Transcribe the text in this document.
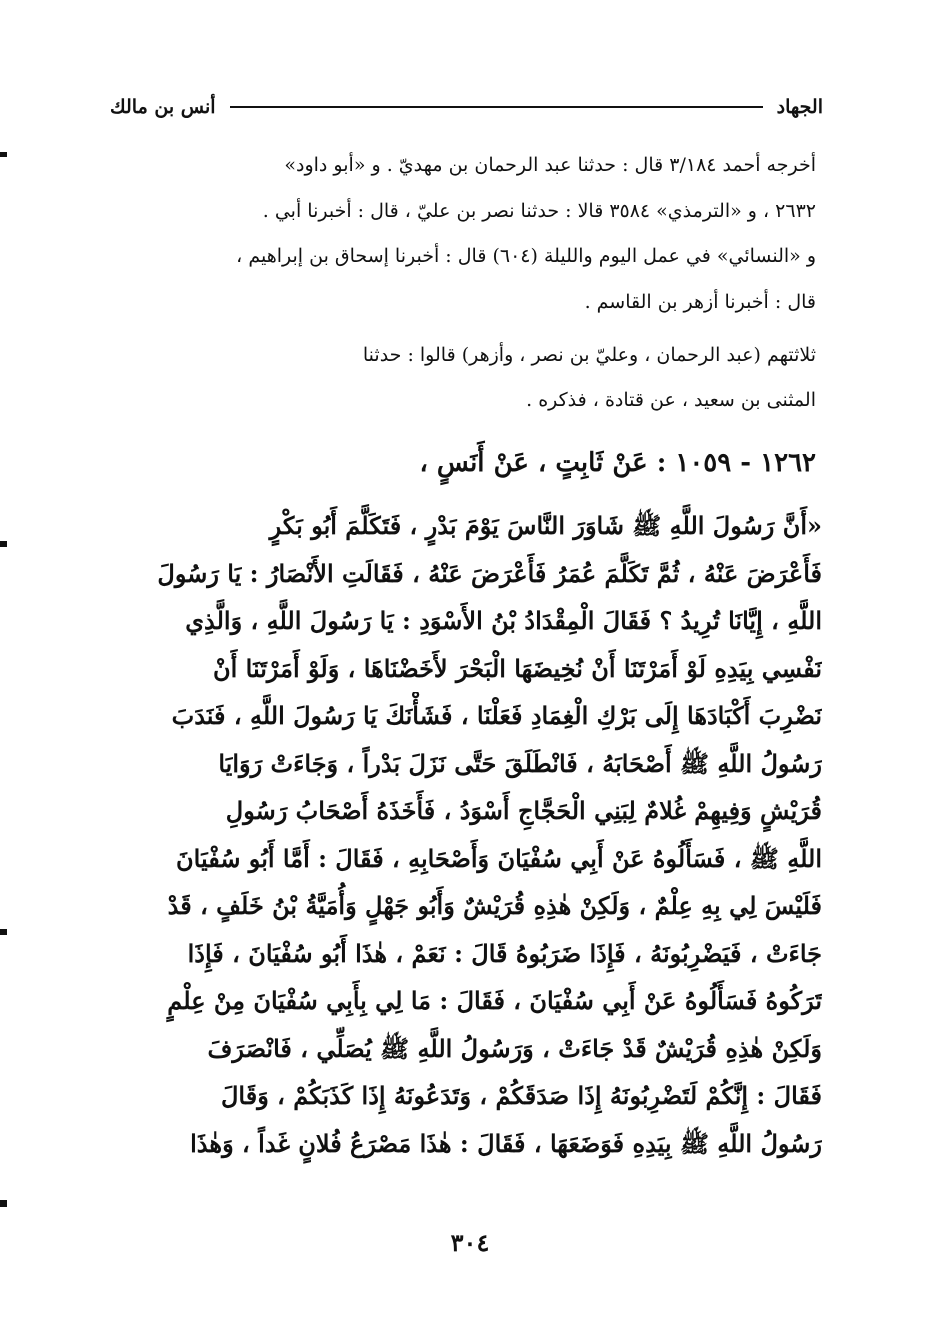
الجهاد
أنس بن مالك

أخرجه أحمد ٣/١٨٤ قال : حدثنا عبد الرحمان بن مهديّ . و «أبو داود»

٢٦٣٢ ، و «الترمذي» ٣٥٨٤ قالا : حدثنا نصر بن عليّ ، قال : أخبرنا أبي .

و «النسائي» في عمل اليوم والليلة (٦٠٤) قال : أخبرنا إسحاق بن إبراهيم ،

قال : أخبرنا أزهر بن القاسم .

ثلاثتهم (عبد الرحمان ، وعليّ بن نصر ، وأزهر) قالوا : حدثنا

المثنى بن سعيد ، عن قتادة ، فذكره .

١٢٦٢ - ١٠٥٩ : عَنْ ثَابِتٍ ، عَنْ أَنَسٍ ،

«أَنَّ رَسُولَ اللَّهِ ﷺ شَاوَرَ النَّاسَ يَوْمَ بَدْرٍ ، فَتَكَلَّمَ أَبُو بَكْرٍ

فَأَعْرَضَ عَنْهُ ، ثُمَّ تَكَلَّمَ عُمَرُ فَأَعْرَضَ عَنْهُ ، فَقَالَتِ الأَنْصَارُ : يَا رَسُولَ

اللَّهِ ، إِيَّانَا تُرِيدُ ؟ فَقَالَ الْمِقْدَادُ بْنُ الأَسْوَدِ : يَا رَسُولَ اللَّهِ ، وَالَّذِي

نَفْسِي بِيَدِهِ لَوْ أَمَرْتَنَا أَنْ نُخِيضَهَا الْبَحْرَ لأَخَضْنَاهَا ، وَلَوْ أَمَرْتَنَا أَنْ

نَضْرِبَ أَكْبَادَهَا إِلَى بَرْكِ الْغِمَادِ فَعَلْنَا ، فَشَأْنَكَ يَا رَسُولَ اللَّهِ ، فَنَدَبَ

رَسُولُ اللَّهِ ﷺ أَصْحَابَهُ ، فَانْطَلَقَ حَتَّى نَزَلَ بَدْراً ، وَجَاءَتْ رَوَايَا

قُرَيْشٍ وَفِيهِمْ غُلامٌ لِبَنِي الْحَجَّاجِ أَسْوَدُ ، فَأَخَذَهُ أَصْحَابُ رَسُولِ

اللَّهِ ﷺ ، فَسَأَلُوهُ عَنْ أَبِي سُفْيَانَ وَأَصْحَابِهِ ، فَقَالَ : أَمَّا أَبُو سُفْيَانَ

فَلَيْسَ لِي بِهِ عِلْمٌ ، وَلَكِنْ هٰذِهِ قُرَيْشٌ وَأَبُو جَهْلٍ وَأُمَيَّةُ بْنُ خَلَفٍ ، قَدْ

جَاءَتْ ، فَيَضْرِبُونَهُ ، فَإِذَا ضَرَبُوهُ قَالَ : نَعَمْ ، هٰذَا أَبُو سُفْيَانَ ، فَإِذَا

تَرَكُوهُ فَسَأَلُوهُ عَنْ أَبِي سُفْيَانَ ، فَقَالَ : مَا لِي بِأَبِي سُفْيَانَ مِنْ عِلْمٍ

وَلَكِنْ هٰذِهِ قُرَيْشٌ قَدْ جَاءَتْ ، وَرَسُولُ اللَّهِ ﷺ يُصَلِّي ، فَانْصَرَفَ

فَقَالَ : إِنَّكُمْ لَتَضْرِبُونَهُ إِذَا صَدَقَكُمْ ، وَتَدَعُونَهُ إِذَا كَذَبَكُمْ ، وَقَالَ

رَسُولُ اللَّهِ ﷺ بِيَدِهِ فَوَضَعَهَا ، فَقَالَ : هٰذَا مَصْرَعُ فُلانٍ غَداً ، وَهٰذَا

٣٠٤
